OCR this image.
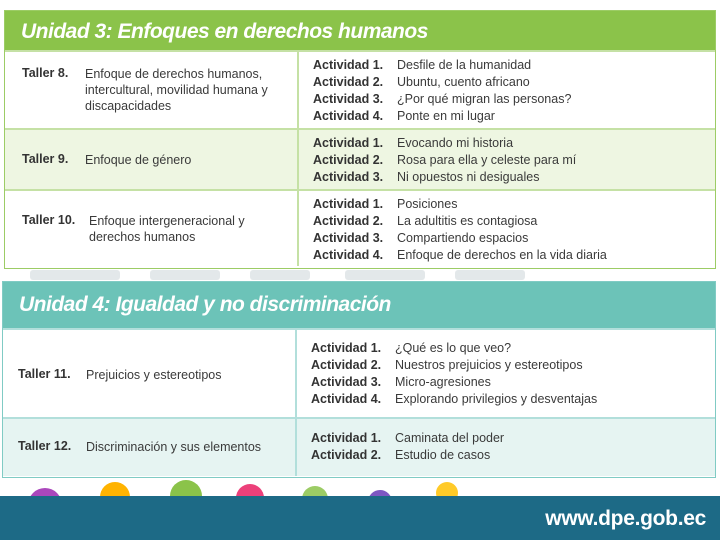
Unidad 3: Enfoques en derechos humanos
Taller 8. Enfoque de derechos humanos, intercultural, movilidad humana y discapacidades
Actividad 1.	Desfile de la humanidad
Actividad 2.	Ubuntu, cuento africano
Actividad 3.	¿Por qué migran las personas?
Actividad 4.	Ponte en mi lugar
Taller 9. Enfoque de género
Actividad 1.	Evocando mi historia
Actividad 2.	Rosa para ella y celeste para mí
Actividad 3.	Ni opuestos ni desiguales
Taller 10. Enfoque intergeneracional y derechos humanos
Actividad 1.	Posiciones
Actividad 2.	La adultitis es contagiosa
Actividad 3.	Compartiendo espacios
Actividad 4.	Enfoque de derechos en la vida diaria
Unidad 4: Igualdad y no discriminación
Taller 11. Prejuicios y estereotipos
Actividad 1.	¿Qué es lo que veo?
Actividad 2.	Nuestros prejuicios y estereotipos
Actividad 3.	Micro-agresiones
Actividad 4.	Explorando privilegios y desventajas
Taller 12. Discriminación y sus elementos
Actividad 1.	Caminata del poder
Actividad 2.	Estudio de casos
www.dpe.gob.ec
